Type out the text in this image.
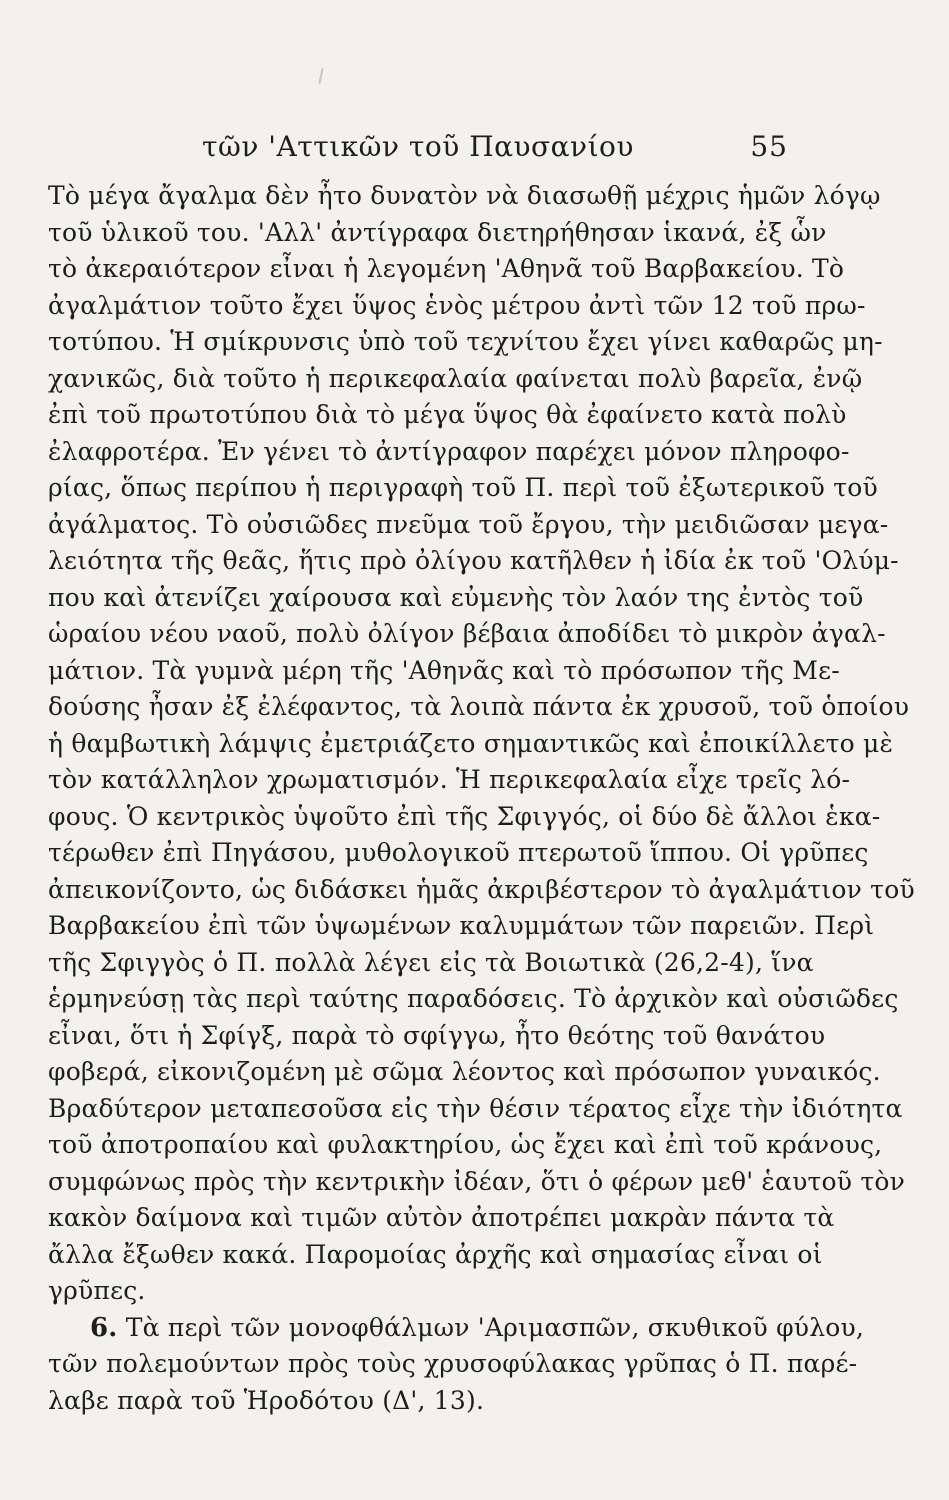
τῶν 'Αττικῶν τοῦ Παυσανίου	55
Τὸ μέγα ἄγαλμα δὲν ἦτο δυνατὸν νὰ διασωθῇ μέχρις ἡμῶν λόγῳ
τοῦ ὑλικοῦ του. 'Αλλ' ἀντίγραφα διετηρήθησαν ἱκανά, ἐξ ὧν
τὸ ἀκεραιότερον εἶναι ἡ λεγομένη 'Αθηνᾶ τοῦ Βαρβακείου. Τὸ
ἀγαλμάτιον τοῦτο ἔχει ὕψος ἑνὸς μέτρου ἀντὶ τῶν 12 τοῦ πρω-
τοτύπου. Ἡ σμίκρυνσις ὑπὸ τοῦ τεχνίτου ἔχει γίνει καθαρῶς μη-
χανικῶς, διὰ τοῦτο ἡ περικεφαλαία φαίνεται πολὺ βαρεῖα, ἐνῷ
ἐπὶ τοῦ πρωτοτύπου διὰ τὸ μέγα ὕψος θὰ ἐφαίνετο κατὰ πολὺ
ἐλαφροτέρα. Ἐν γένει τὸ ἀντίγραφον παρέχει μόνον πληροφο-
ρίας, ὅπως περίπου ἡ περιγραφὴ τοῦ Π. περὶ τοῦ ἐξωτερικοῦ τοῦ
ἀγάλματος. Τὸ οὐσιῶδες πνεῦμα τοῦ ἔργου, τὴν μειδιῶσαν μεγα-
λειότητα τῆς θεᾶς, ἥτις πρὸ ὀλίγου κατῆλθεν ἡ ἰδία ἐκ τοῦ 'Ολύμ-
που καὶ ἀτενίζει χαίρουσα καὶ εὐμενὴς τὸν λαόν της ἐντὸς τοῦ
ὡραίου νέου ναοῦ, πολὺ ὀλίγον βέβαια ἀποδίδει τὸ μικρὸν ἀγαλ-
μάτιον. Τὰ γυμνὰ μέρη τῆς 'Αθηνᾶς καὶ τὸ πρόσωπον τῆς Με-
δούσης ἦσαν ἐξ ἐλέφαντος, τὰ λοιπὰ πάντα ἐκ χρυσοῦ, τοῦ ὁποίου
ἡ θαμβωτικὴ λάμψις ἐμετριάζετο σημαντικῶς καὶ ἐποικίλλετο μὲ
τὸν κατάλληλον χρωματισμόν. Ἡ περικεφαλαία εἶχε τρεῖς λό-
φους. Ὁ κεντρικὸς ὑψοῦτο ἐπὶ τῆς Σφιγγός, οἱ δύο δὲ ἄλλοι ἑκα-
τέρωθεν ἐπὶ Πηγάσου, μυθολογικοῦ πτερωτοῦ ἵππου. Οἱ γρῦπες
ἀπεικονίζοντο, ὡς διδάσκει ἡμᾶς ἀκριβέστερον τὸ ἀγαλμάτιον τοῦ
Βαρβακείου ἐπὶ τῶν ὑψωμένων καλυμμάτων τῶν παρειῶν. Περὶ
τῆς Σφιγγὸς ὁ Π. πολλὰ λέγει εἰς τὰ Βοιωτικὰ (26,2-4), ἵνα
ἑρμηνεύσῃ τὰς περὶ ταύτης παραδόσεις. Τὸ ἀρχικὸν καὶ οὐσιῶδες
εἶναι, ὅτι ἡ Σφίγξ, παρὰ τὸ σφίγγω, ἦτο θεότης τοῦ θανάτου
φοβερά, εἰκονιζομένη μὲ σῶμα λέοντος καὶ πρόσωπον γυναικός.
Βραδύτερον μεταπεσοῦσα εἰς τὴν θέσιν τέρατος εἶχε τὴν ἰδιότητα
τοῦ ἀποτροπαίου καὶ φυλακτηρίου, ὡς ἔχει καὶ ἐπὶ τοῦ κράνους,
συμφώνως πρὸς τὴν κεντρικὴν ἰδέαν, ὅτι ὁ φέρων μεθ' ἑαυτοῦ τὸν
κακὸν δαίμονα καὶ τιμῶν αὐτὸν ἀποτρέπει μακρὰν πάντα τὰ
ἄλλα ἔξωθεν κακά. Παρομοίας ἀρχῆς καὶ σημασίας εἶναι οἱ
γρῦπες.
6. Τὰ περὶ τῶν μονοφθάλμων 'Αριμασπῶν, σκυθικοῦ φύλου,
τῶν πολεμούντων πρὸς τοὺς χρυσοφύλακας γρῦπας ὁ Π. παρέ-
λαβε παρὰ τοῦ Ἡροδότου (Δ', 13).
